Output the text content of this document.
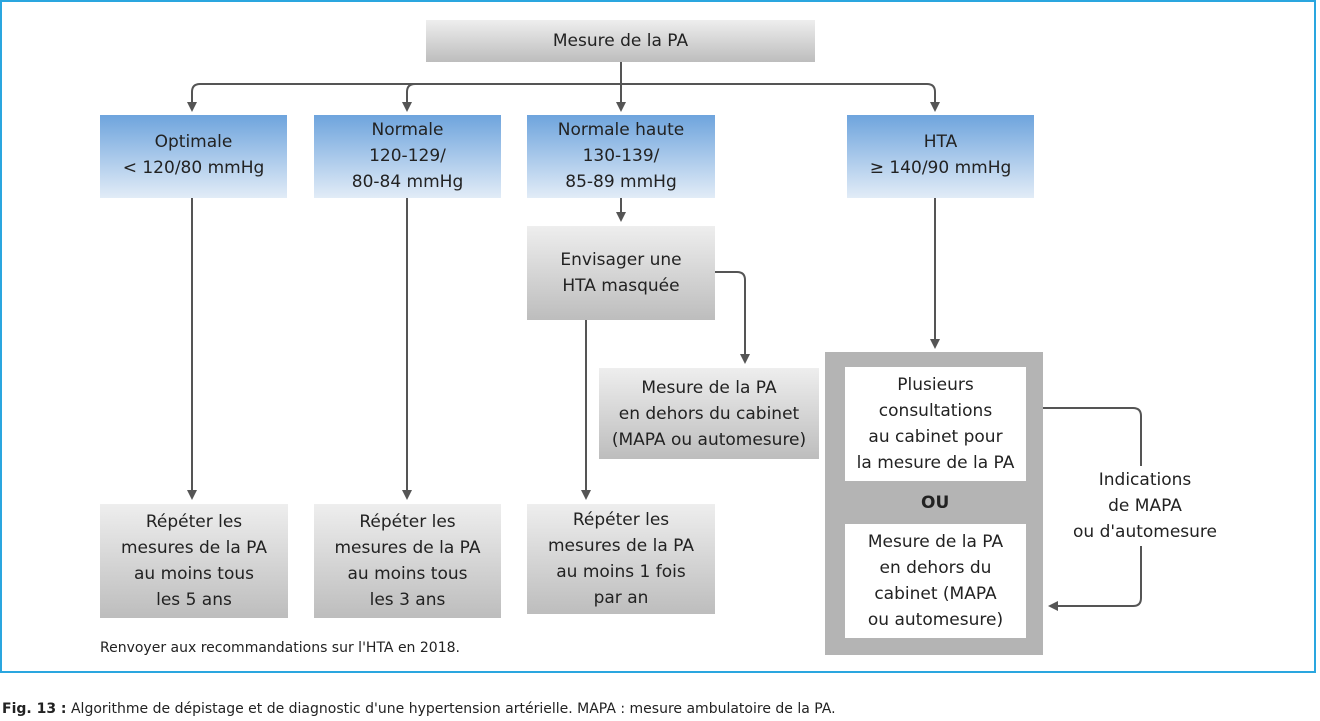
Mesure de la PA
Optimale
< 120/80 mmHg
Normale
120-129/
80-84 mmHg
Normale haute
130-139/
85-89 mmHg
HTA
≥ 140/90 mmHg
Envisager une
HTA masquée
Mesure de la PA
en dehors du cabinet
(MAPA ou automesure)
Répéter les
mesures de la PA
au moins tous
les 5 ans
Répéter les
mesures de la PA
au moins tous
les 3 ans
Répéter les
mesures de la PA
au moins 1 fois
par an
Plusieurs
consultations
au cabinet pour
la mesure de la PA
OU
Mesure de la PA
en dehors du
cabinet (MAPA
ou automesure)
Indications
de MAPA
ou d'automesure
Renvoyer aux recommandations sur l'HTA en 2018.
Fig. 13 : Algorithme de dépistage et de diagnostic d'une hypertension artérielle. MAPA : mesure ambulatoire de la PA.
